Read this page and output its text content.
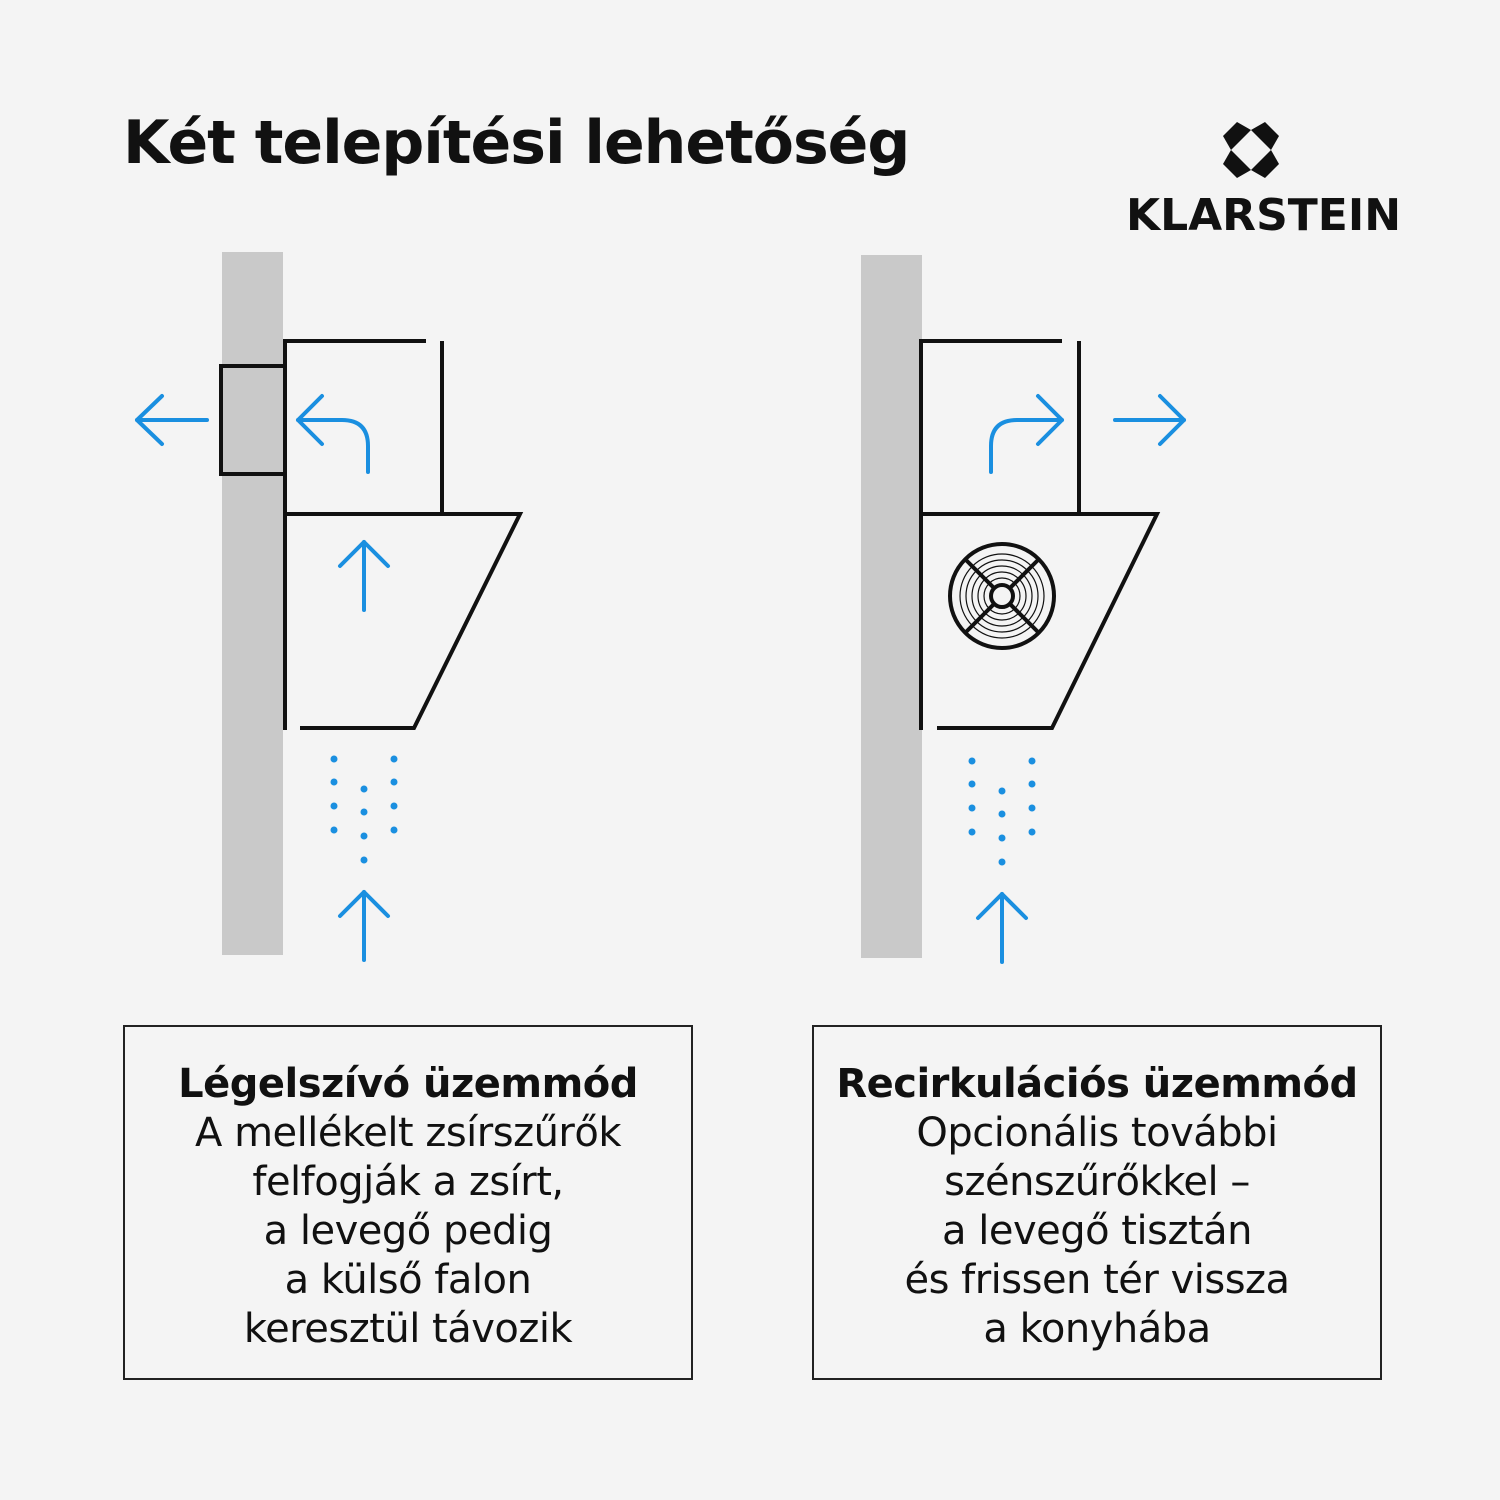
Két telepítési lehetőség
KLARSTEIN
Légelszívó üzemmód
A mellékelt zsírszűrők
felfogják a zsírt,
a levegő pedig
a külső falon
keresztül távozik
Recirkulációs üzemmód
Opcionális további
szénszűrőkkel –
a levegő tisztán
és frissen tér vissza
a konyhába
